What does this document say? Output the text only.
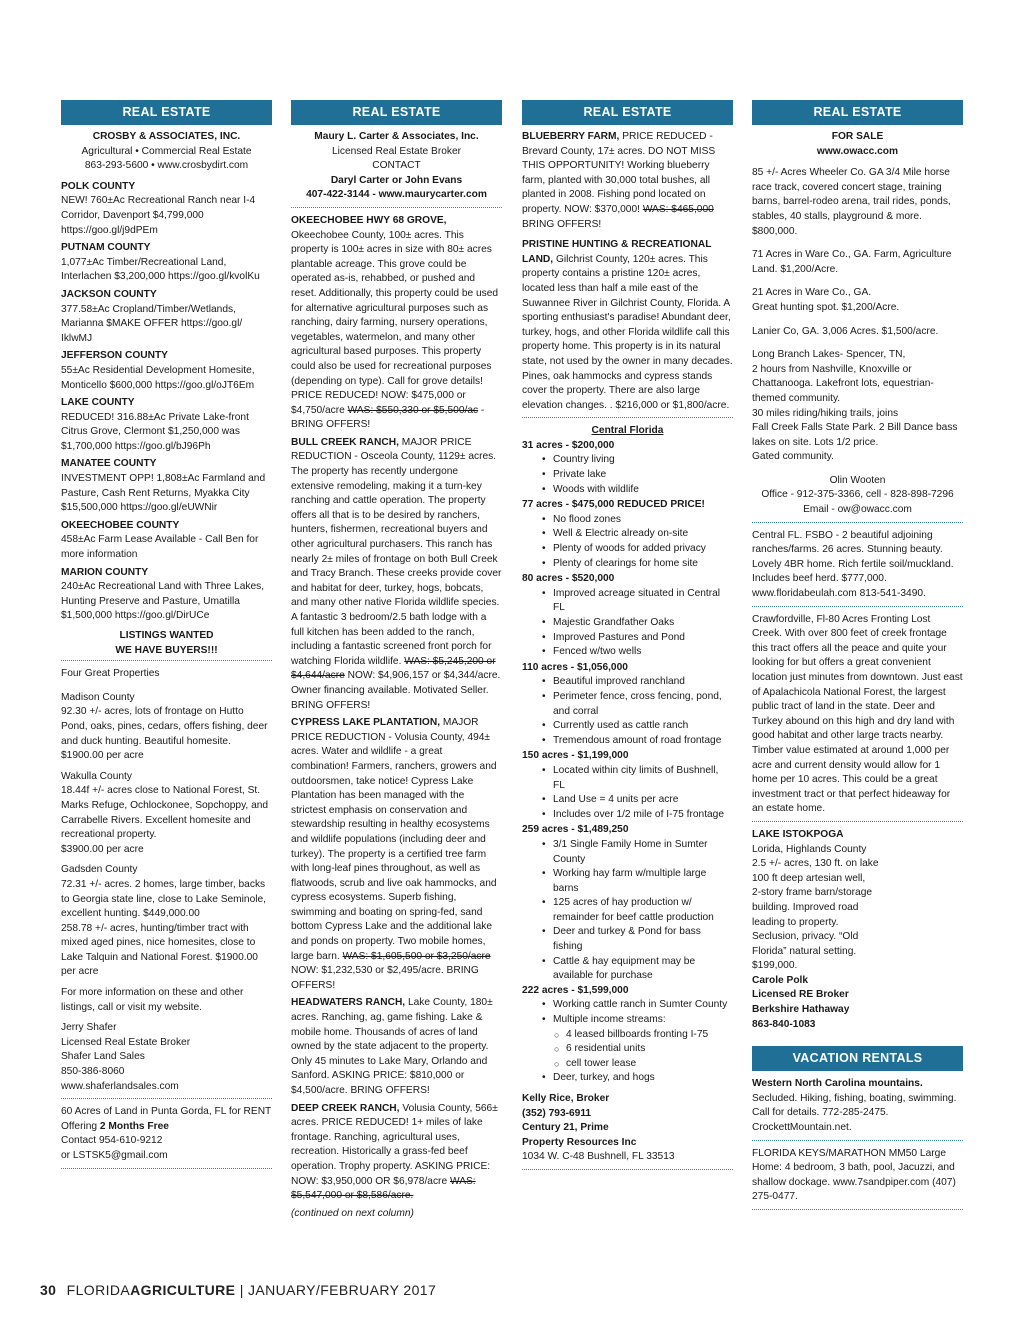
REAL ESTATE

CROSBY & ASSOCIATES, INC.

Agricultural • Commercial Real Estate

863-293-5600 • www.crosbydirt.com

POLK COUNTY

NEW! 760±Ac Recreational Ranch near I-4 Corridor, Davenport $4,799,000 https://goo.gl/j9dPEm

PUTNAM COUNTY

1,077±Ac Timber/Recreational Land, Interlachen $3,200,000 https://goo.gl/kvolKu

JACKSON COUNTY

377.58±Ac Cropland/Timber/Wetlands, Marianna $MAKE OFFER https://goo.gl/ IklwMJ

JEFFERSON COUNTY

55±Ac Residential Development Homesite, Monticello $600,000 https://goo.gl/oJT6Em

LAKE COUNTY

REDUCED! 316.88±Ac Private Lake-front Citrus Grove, Clermont $1,250,000 was $1,700,000 https://goo.gl/bJ96Ph

MANATEE COUNTY

INVESTMENT OPP! 1,808±Ac Farmland and Pasture, Cash Rent Returns, Myakka City $15,500,000 https://goo.gl/eUWNir

OKEECHOBEE COUNTY

458±Ac Farm Lease Available - Call Ben for more information

MARION COUNTY

240±Ac Recreational Land with Three Lakes, Hunting Preserve and Pasture, Umatilla $1,500,000 https://goo.gl/DirUCe

LISTINGS WANTED

WE HAVE BUYERS!!!

Four Great Properties

Madison County
92.30 +/- acres, lots of frontage on Hutto Pond, oaks, pines, cedars, offers fishing, deer and duck hunting. Beautiful homesite.
$1900.00 per acre

Wakulla County
18.44f +/- acres close to National Forest, St. Marks Refuge, Ochlockonee, Sopchoppy, and Carrabelle Rivers. Excellent homesite and recreational property.
$3900.00 per acre

Gadsden County
72.31 +/- acres. 2 homes, large timber, backs to Georgia state line, close to Lake Seminole, excellent hunting. $449,000.00
258.78 +/- acres, hunting/timber tract with mixed aged pines, nice homesites, close to Lake Talquin and National Forest. $1900.00 per acre

For more information on these and other listings, call or visit my website.

Jerry Shafer
Licensed Real Estate Broker
Shafer Land Sales
850-386-8060
www.shaferlandsales.com

60 Acres of Land in Punta Gorda, FL for RENT

Offering 2 Months Free

Contact 954-610-9212
or LSTSK5@gmail.com

REAL ESTATE

Maury L. Carter & Associates, Inc.

Licensed Real Estate Broker

CONTACT

Daryl Carter or John Evans

407-422-3144 - www.maurycarter.com

OKEECHOBEE HWY 68 GROVE, Okeechobee County, 100± acres. This property is 100± acres in size with 80± acres plantable acreage. This grove could be operated as-is, rehabbed, or pushed and reset. Additionally, this property could be used for alternative agricultural purposes such as ranching, dairy farming, nursery operations, vegetables, watermelon, and many other agricultural based purposes. This property could also be used for recreational purposes (depending on type). Call for grove details! PRICE REDUCED! NOW: $475,000 or $4,750/acre WAS: $550,330 or $5,500/ac - BRING OFFERS!

BULL CREEK RANCH, MAJOR PRICE REDUCTION - Osceola County, 1129± acres. The property has recently undergone extensive remodeling, making it a turn-key ranching and cattle operation. The property offers all that is to be desired by ranchers, hunters, fishermen, recreational buyers and other agricultural purchasers. This ranch has nearly 2± miles of frontage on both Bull Creek and Tracy Branch. These creeks provide cover and habitat for deer, turkey, hogs, bobcats, and many other native Florida wildlife species. A fantastic 3 bedroom/2.5 bath lodge with a full kitchen has been added to the ranch, including a fantastic screened front porch for watching Florida wildlife. WAS: $5,245,200 or $4,644/acre NOW: $4,906,157 or $4,344/acre. Owner financing available. Motivated Seller. BRING OFFERS!

CYPRESS LAKE PLANTATION, MAJOR PRICE REDUCTION - Volusia County, 494± acres. Water and wildlife - a great combination! Farmers, ranchers, growers and outdoorsmen, take notice! Cypress Lake Plantation has been managed with the strictest emphasis on conservation and stewardship resulting in healthy ecosystems and wildlife populations (including deer and turkey). The property is a certified tree farm with long-leaf pines throughout, as well as flatwoods, scrub and live oak hammocks, and cypress ecosystems. Superb fishing, swimming and boating on spring-fed, sand bottom Cypress Lake and the additional lake and ponds on property. Two mobile homes, large barn. WAS: $1,605,500 or $3,250/acre NOW: $1,232,530 or $2,495/acre. BRING OFFERS!

HEADWATERS RANCH, Lake County, 180± acres. Ranching, ag, game fishing. Lake & mobile home. Thousands of acres of land owned by the state adjacent to the property. Only 45 minutes to Lake Mary, Orlando and Sanford. ASKING PRICE: $810,000 or $4,500/acre. BRING OFFERS!

DEEP CREEK RANCH, Volusia County, 566± acres. PRICE REDUCED! 1+ miles of lake frontage. Ranching, agricultural uses, recreation. Historically a grass-fed beef operation. Trophy property. ASKING PRICE: NOW: $3,950,000 OR $6,978/acre WAS: $5,547,000 or $8,586/acre.

(continued on next column)

REAL ESTATE

BLUEBERRY FARM, PRICE REDUCED - Brevard County, 17± acres. DO NOT MISS THIS OPPORTUNITY! Working blueberry farm, planted with 30,000 total bushes, all planted in 2008. Fishing pond located on property. NOW: $370,000! WAS: $465,000 BRING OFFERS!

PRISTINE HUNTING & RECREATIONAL LAND, Gilchrist County, 120± acres. This property contains a pristine 120± acres, located less than half a mile east of the Suwannee River in Gilchrist County, Florida. A sporting enthusiast's paradise! Abundant deer, turkey, hogs, and other Florida wildlife call this property home. This property is in its natural state, not used by the owner in many decades. Pines, oak hammocks and cypress stands cover the property. There are also large elevation changes. . $216,000 or $1,800/acre.

Central Florida

31 acres - $200,000

• Country living
• Private lake
• Woods with wildlife

77 acres - $475,000 REDUCED PRICE!

• No flood zones
• Well & Electric already on-site
• Plenty of woods for added privacy
• Plenty of clearings for home site

80 acres - $520,000

• Improved acreage situated in Central FL
• Majestic Grandfather Oaks
• Improved Pastures and Pond
• Fenced w/two wells

110 acres - $1,056,000

• Beautiful improved ranchland
• Perimeter fence, cross fencing, pond, and corral
• Currently used as cattle ranch
• Tremendous amount of road frontage

150 acres - $1,199,000

• Located within city limits of Bushnell, FL
• Land Use = 4 units per acre
• Includes over 1/2 mile of I-75 frontage

259 acres - $1,489,250

• 3/1 Single Family Home in Sumter County
• Working hay farm w/multiple large barns
• 125 acres of hay production w/ remainder for beef cattle production
• Deer and turkey & Pond for bass fishing
• Cattle & hay equipment may be available for purchase

222 acres - $1,599,000

• Working cattle ranch in Sumter County
• Multiple income streams:
○ 4 leased billboards fronting I-75
○ 6 residential units
○ cell tower lease
• Deer, turkey, and hogs

Kelly Rice, Broker
(352) 793-6911
Century 21, Prime
Property Resources Inc

1034 W. C-48 Bushnell, FL 33513

REAL ESTATE

FOR SALE

www.owacc.com

85 +/- Acres Wheeler Co. GA 3/4 Mile horse race track, covered concert stage, training barns, barrel-rodeo arena, trail rides, ponds, stables, 40 stalls, playground & more. $800,000.

71 Acres in Ware Co., GA. Farm, Agriculture Land. $1,200/Acre.

21 Acres in Ware Co., GA.
Great hunting spot. $1,200/Acre.

Lanier Co, GA. 3,006 Acres. $1,500/acre.

Long Branch Lakes- Spencer, TN,
2 hours from Nashville, Knoxville or Chattanooga. Lakefront lots, equestrian-themed community.
30 miles riding/hiking trails, joins
Fall Creek Falls State Park. 2 Bill Dance bass lakes on site. Lots 1/2 price.
Gated community.

Olin Wooten

Office - 912-375-3366, cell - 828-898-7296

Email - ow@owacc.com

Central FL. FSBO - 2 beautiful adjoining ranches/farms. 26 acres. Stunning beauty. Lovely 4BR home. Rich fertile soil/muckland. Includes beef herd. $777,000. www.floridabeulah.com 813-541-3490.

Crawfordville, Fl-80 Acres Fronting Lost Creek. With over 800 feet of creek frontage this tract offers all the peace and quite your looking for but offers a great convenient location just minutes from downtown. Just east of Apalachicola National Forest, the largest public tract of land in the state. Deer and Turkey abound on this high and dry land with good habitat and other large tracts nearby. Timber value estimated at around 1,000 per acre and current density would allow for 1 home per 10 acres. This could be a great investment tract or that perfect hideaway for an estate home.

LAKE ISTOKPOGA

Lorida, Highlands County
2.5 +/- acres, 130 ft. on lake
100 ft deep artesian well,
2-story frame barn/storage
building. Improved road
leading to property.
Seclusion, privacy. “Old
Florida” natural setting.
$199,000.

Carole Polk
Licensed RE Broker
Berkshire Hathaway
863-840-1083

VACATION RENTALS

Western North Carolina mountains. Secluded. Hiking, fishing, boating, swimming. Call for details. 772-285-2475. CrockettMountain.net.

FLORIDA KEYS/MARATHON MM50 Large Home: 4 bedroom, 3 bath, pool, Jacuzzi, and shallow dockage. www.7sandpiper.com (407) 275-0477.

30 FLORIDAAGRICULTURE | JANUARY/FEBRUARY 2017
